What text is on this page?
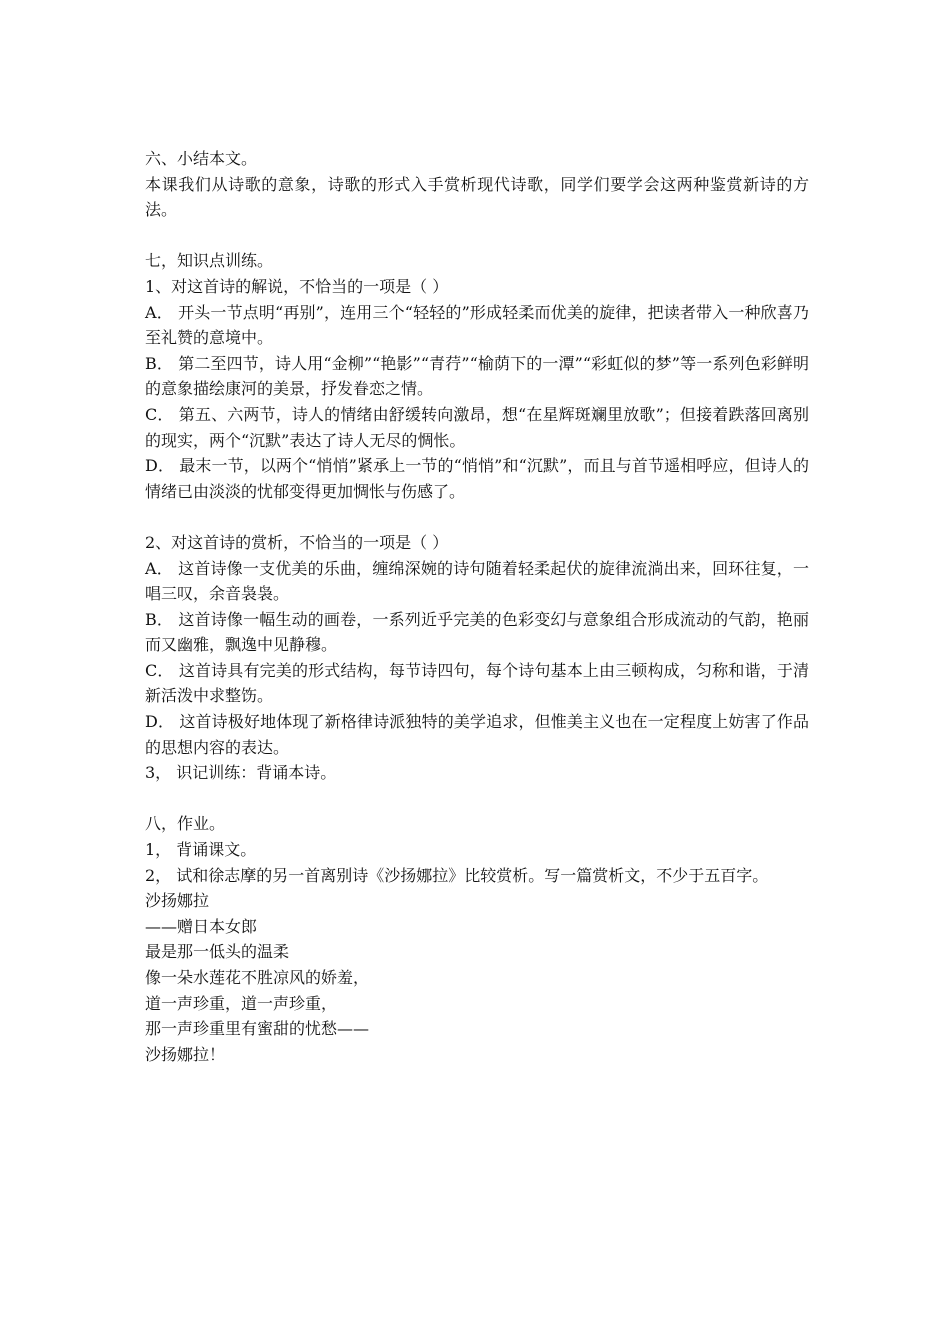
六、小结本文。

本课我们从诗歌的意象，诗歌的形式入手赏析现代诗歌，同学们要学会这两种鉴赏新诗的方法。

七，知识点训练。

1、对这首诗的解说，不恰当的一项是（ ）

A． 开头一节点明“再别”，连用三个“轻轻的”形成轻柔而优美的旋律，把读者带入一种欣喜乃至礼赞的意境中。

B． 第二至四节，诗人用“金柳”“艳影”“青荇”“榆荫下的一潭”“彩虹似的梦”等一系列色彩鲜明的意象描绘康河的美景，抒发眷恋之情。

C． 第五、六两节，诗人的情绪由舒缓转向激昂，想“在星辉斑斓里放歌”；但接着跌落回离别的现实，两个“沉默”表达了诗人无尽的惆怅。

D． 最末一节，以两个“悄悄”紧承上一节的“悄悄”和“沉默”，而且与首节遥相呼应，但诗人的情绪已由淡淡的忧郁变得更加惆怅与伤感了。

2、对这首诗的赏析，不恰当的一项是（ ）

A． 这首诗像一支优美的乐曲，缠绵深婉的诗句随着轻柔起伏的旋律流淌出来，回环往复，一唱三叹，余音袅袅。

B． 这首诗像一幅生动的画卷，一系列近乎完美的色彩变幻与意象组合形成流动的气韵，艳丽而又幽雅，飘逸中见静穆。

C． 这首诗具有完美的形式结构，每节诗四句，每个诗句基本上由三顿构成，匀称和谐，于清新活泼中求整饬。

D． 这首诗极好地体现了新格律诗派独特的美学追求，但惟美主义也在一定程度上妨害了作品的思想内容的表达。

3， 识记训练：背诵本诗。

八，作业。

1， 背诵课文。

2， 试和徐志摩的另一首离别诗《沙扬娜拉》比较赏析。写一篇赏析文，不少于五百字。

沙扬娜拉

——赠日本女郎

最是那一低头的温柔

像一朵水莲花不胜凉风的娇羞，

道一声珍重，道一声珍重，

那一声珍重里有蜜甜的忧愁——

沙扬娜拉！
